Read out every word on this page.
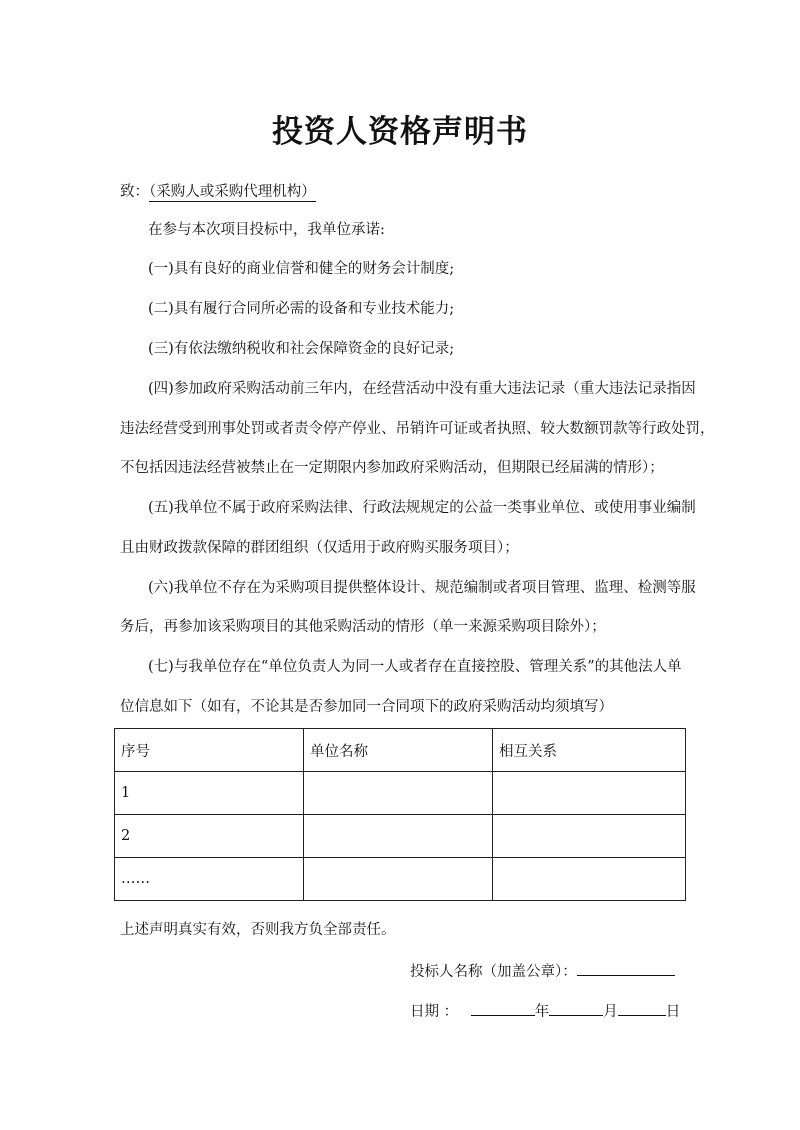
投资人资格声明书
致：（采购人或采购代理机构）
在参与本次项目投标中，我单位承诺:
(一)具有良好的商业信誉和健全的财务会计制度;
(二)具有履行合同所必需的设备和专业技术能力;
(三)有依法缴纳税收和社会保障资金的良好记录;
(四)参加政府采购活动前三年内，在经营活动中没有重大违法记录（重大违法记录指因
违法经营受到刑事处罚或者责令停产停业、吊销许可证或者执照、较大数额罚款等行政处罚，
不包括因违法经营被禁止在一定期限内参加政府采购活动，但期限已经届满的情形）；
(五)我单位不属于政府采购法律、行政法规规定的公益一类事业单位、或使用事业编制
且由财政拨款保障的群团组织（仅适用于政府购买服务项目）；
(六)我单位不存在为采购项目提供整体设计、规范编制或者项目管理、监理、检测等服
务后，再参加该采购项目的其他采购活动的情形（单一来源采购项目除外）；
(七)与我单位存在“单位负责人为同一人或者存在直接控股、管理关系”的其他法人单
位信息如下（如有，不论其是否参加同一合同项下的政府采购活动均须填写）
序号	单位名称	相互关系
1		
2		
……		
上述声明真实有效，否则我方负全部责任。
投标人名称（加盖公章）：
日期 ：	年	月	日
